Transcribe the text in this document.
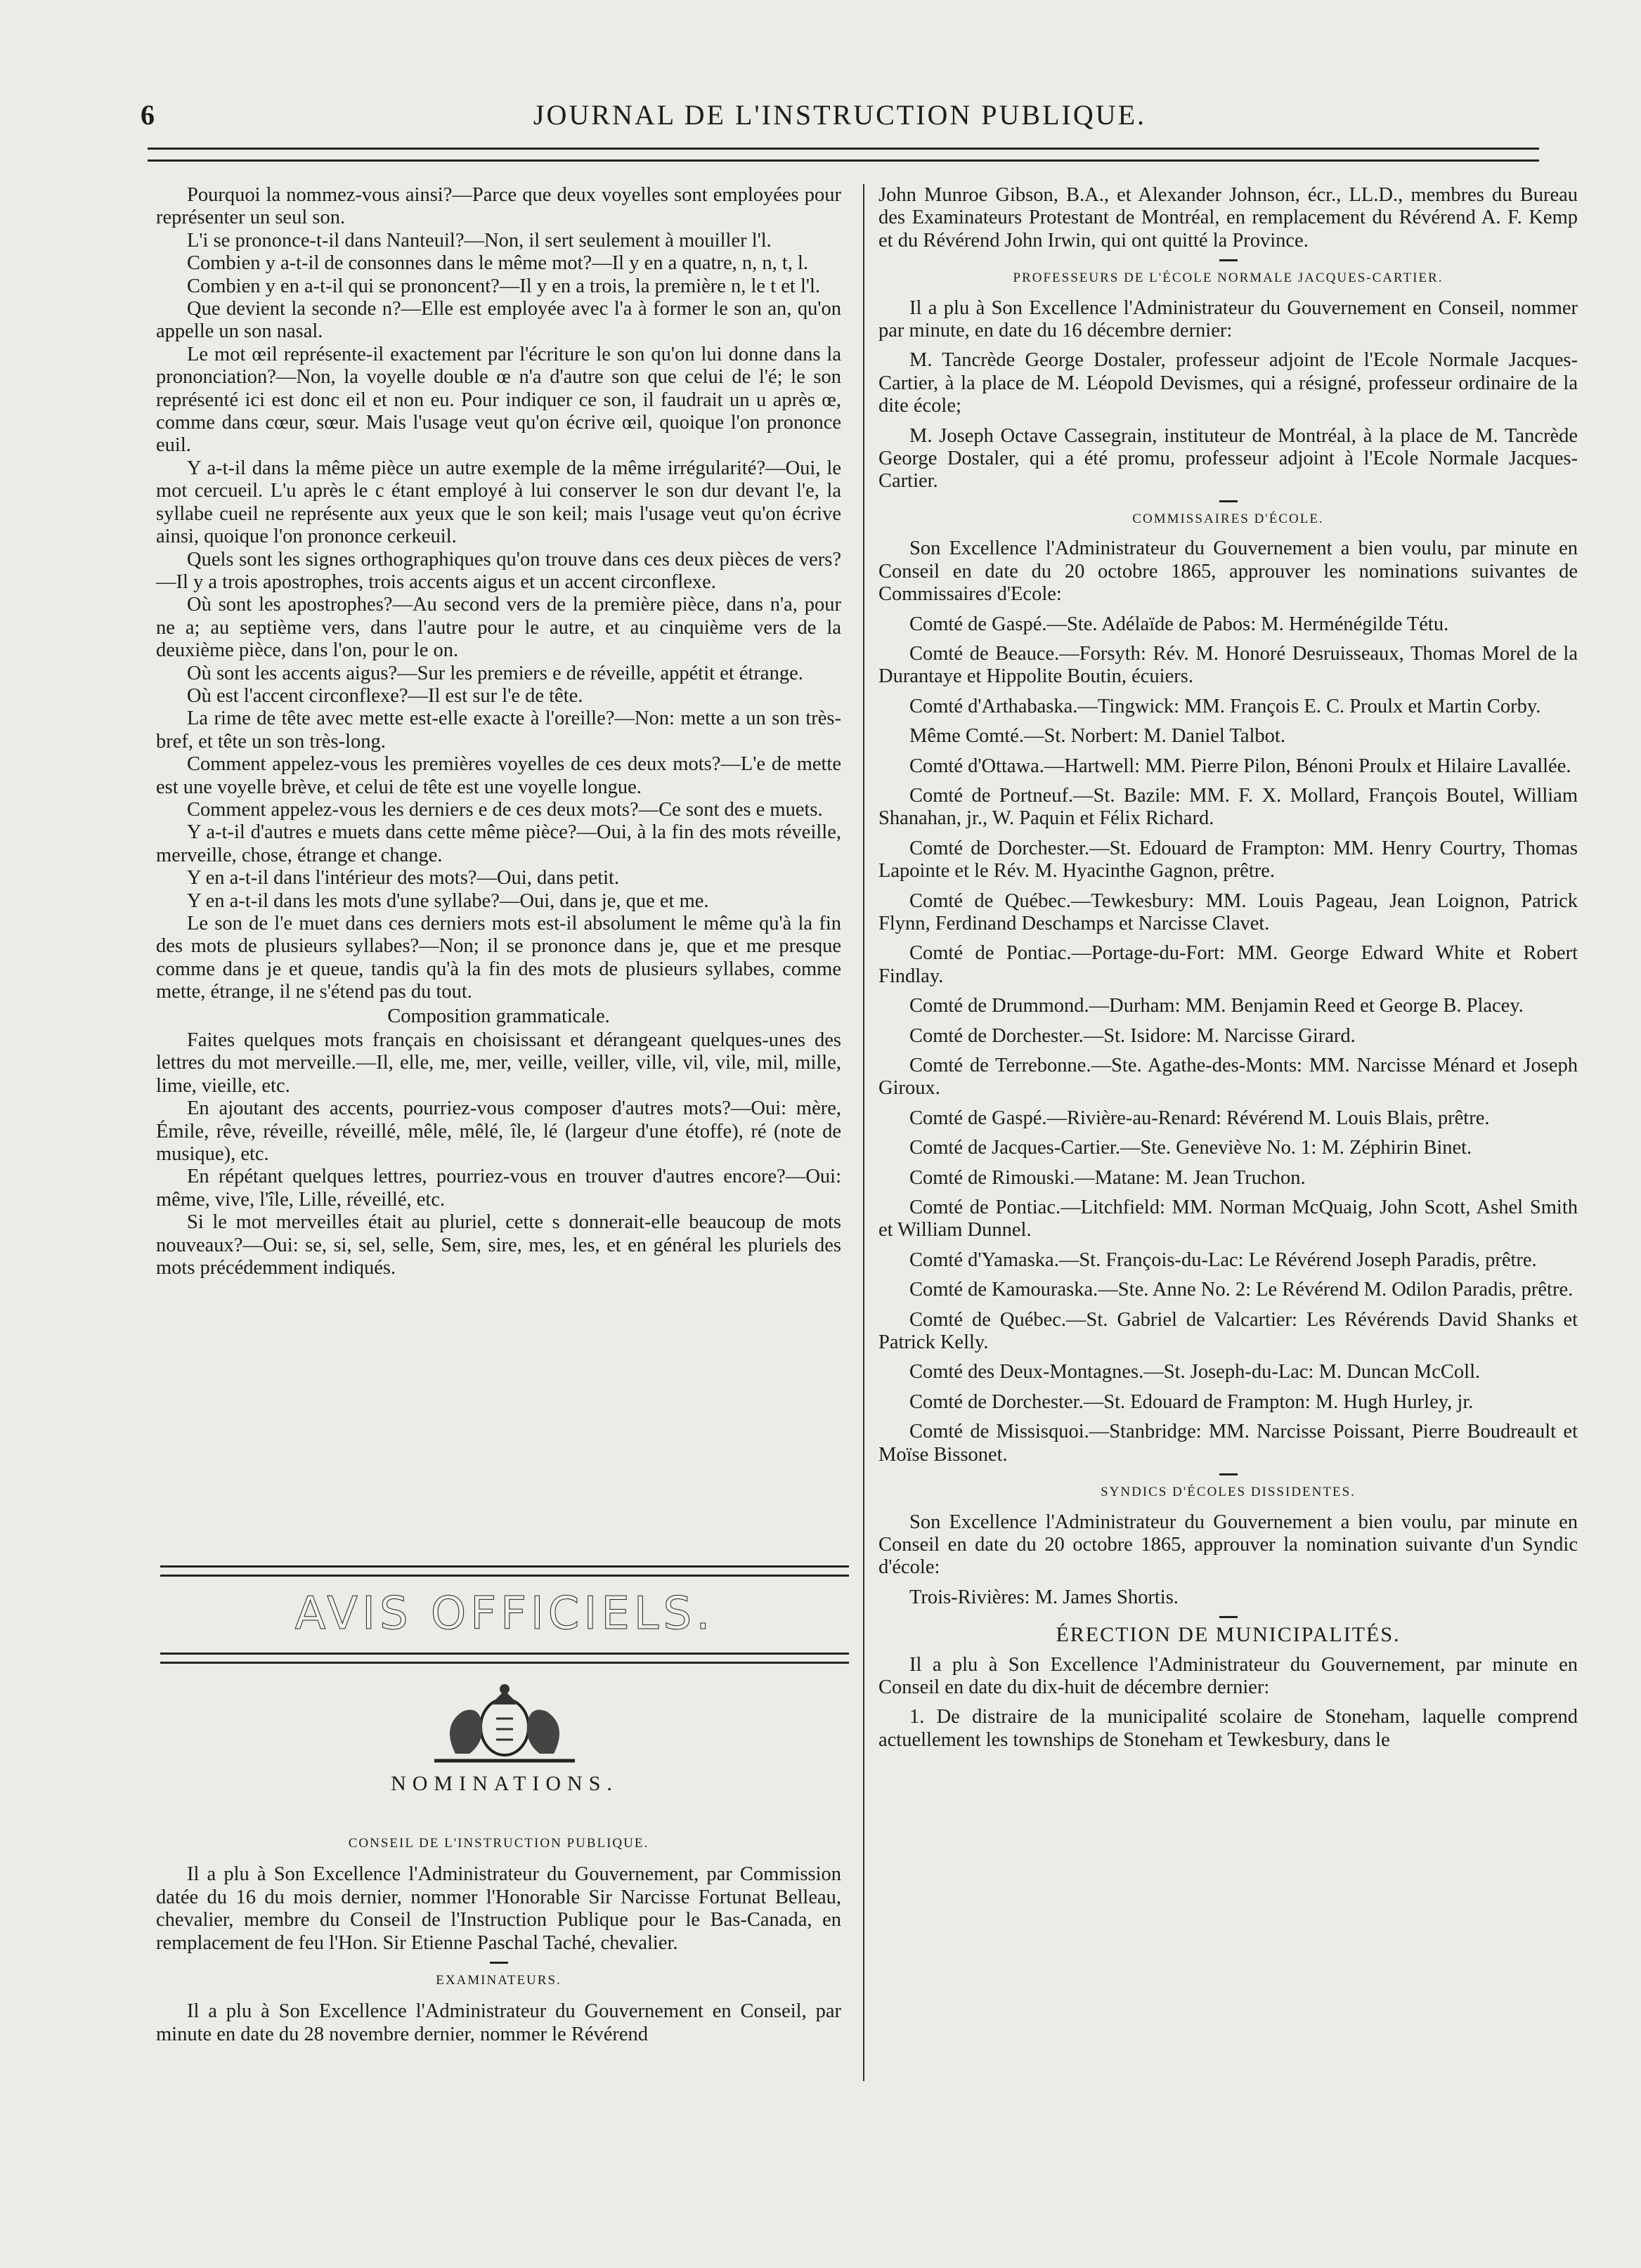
6	JOURNAL DE L'INSTRUCTION PUBLIQUE.

Pourquoi la nommez-vous ainsi?—Parce que deux voyelles sont employées pour représenter un seul son.

L'i se prononce-t-il dans Nanteuil?—Non, il sert seulement à mouiller l'l.

Combien y a-t-il de consonnes dans le même mot?—Il y en a quatre, n, n, t, l.

Combien y en a-t-il qui se prononcent?—Il y en a trois, la première n, le t et l'l.

Que devient la seconde n?—Elle est employée avec l'a à former le son an, qu'on appelle un son nasal.

Le mot œil représente-il exactement par l'écriture le son qu'on lui donne dans la prononciation?—Non, la voyelle double œ n'a d'autre son que celui de l'é; le son représenté ici est donc eil et non eu. Pour indiquer ce son, il faudrait un u après œ, comme dans cœur, sœur. Mais l'usage veut qu'on écrive œil, quoique l'on prononce euil.

Y a-t-il dans la même pièce un autre exemple de la même irrégularité?—Oui, le mot cercueil. L'u après le c étant employé à lui conserver le son dur devant l'e, la syllabe cueil ne représente aux yeux que le son keil; mais l'usage veut qu'on écrive ainsi, quoique l'on prononce cerkeuil.

Quels sont les signes orthographiques qu'on trouve dans ces deux pièces de vers?—Il y a trois apostrophes, trois accents aigus et un accent circonflexe.

Où sont les apostrophes?—Au second vers de la première pièce, dans n'a, pour ne a; au septième vers, dans l'autre pour le autre, et au cinquième vers de la deuxième pièce, dans l'on, pour le on.

Où sont les accents aigus?—Sur les premiers e de réveille, appétit et étrange.

Où est l'accent circonflexe?—Il est sur l'e de tête.

La rime de tête avec mette est-elle exacte à l'oreille?—Non: mette a un son très-bref, et tête un son très-long.

Comment appelez-vous les premières voyelles de ces deux mots?—L'e de mette est une voyelle brève, et celui de tête est une voyelle longue.

Comment appelez-vous les derniers e de ces deux mots?—Ce sont des e muets.

Y a-t-il d'autres e muets dans cette même pièce?—Oui, à la fin des mots réveille, merveille, chose, étrange et change.

Y en a-t-il dans l'intérieur des mots?—Oui, dans petit.

Y en a-t-il dans les mots d'une syllabe?—Oui, dans je, que et me.

Le son de l'e muet dans ces derniers mots est-il absolument le même qu'à la fin des mots de plusieurs syllabes?—Non; il se prononce dans je, que et me presque comme dans je et queue, tandis qu'à la fin des mots de plusieurs syllabes, comme mette, étrange, il ne s'étend pas du tout.

Composition grammaticale.

Faites quelques mots français en choisissant et dérangeant quelques-unes des lettres du mot merveille.—Il, elle, me, mer, veille, veiller, ville, vil, vile, mil, mille, lime, vieille, etc.

En ajoutant des accents, pourriez-vous composer d'autres mots?—Oui: mère, Émile, rêve, réveille, réveillé, mêle, mêlé, île, lé (largeur d'une étoffe), ré (note de musique), etc.

En répétant quelques lettres, pourriez-vous en trouver d'autres encore?—Oui: même, vive, l'île, Lille, réveillé, etc.

Si le mot merveilles était au pluriel, cette s donnerait-elle beaucoup de mots nouveaux?—Oui: se, si, sel, selle, Sem, sire, mes, les, et en général les pluriels des mots précédemment indiqués.

AVIS OFFICIELS.
NOMINATIONS.

CONSEIL DE L'INSTRUCTION PUBLIQUE.

Il a plu à Son Excellence l'Administrateur du Gouvernement, par Commission datée du 16 du mois dernier, nommer l'Honorable Sir Narcisse Fortunat Belleau, chevalier, membre du Conseil de l'Instruction Publique pour le Bas-Canada, en remplacement de feu l'Hon. Sir Etienne Paschal Taché, chevalier.

EXAMINATEURS.

Il a plu à Son Excellence l'Administrateur du Gouvernement en Conseil, par minute en date du 28 novembre dernier, nommer le Révérend

John Munroe Gibson, B.A., et Alexander Johnson, écr., LL.D., membres du Bureau des Examinateurs Protestant de Montréal, en remplacement du Révérend A. F. Kemp et du Révérend John Irwin, qui ont quitté la Province.

PROFESSEURS DE L'ÉCOLE NORMALE JACQUES-CARTIER.

Il a plu à Son Excellence l'Administrateur du Gouvernement en Conseil, nommer par minute, en date du 16 décembre dernier:

M. Tancrède George Dostaler, professeur adjoint de l'Ecole Normale Jacques-Cartier, à la place de M. Léopold Devismes, qui a résigné, professeur ordinaire de la dite école;

M. Joseph Octave Cassegrain, instituteur de Montréal, à la place de M. Tancrède George Dostaler, qui a été promu, professeur adjoint à l'Ecole Normale Jacques-Cartier.

COMMISSAIRES D'ÉCOLE.

Son Excellence l'Administrateur du Gouvernement a bien voulu, par minute en Conseil en date du 20 octobre 1865, approuver les nominations suivantes de Commissaires d'Ecole:

Comté de Gaspé.—Ste. Adélaïde de Pabos: M. Herménégilde Tétu.

Comté de Beauce.—Forsyth: Rév. M. Honoré Desruisseaux, Thomas Morel de la Durantaye et Hippolite Boutin, écuiers.

Comté d'Arthabaska.—Tingwick: MM. François E. C. Proulx et Martin Corby.

Même Comté.—St. Norbert: M. Daniel Talbot.

Comté d'Ottawa.—Hartwell: MM. Pierre Pilon, Bénoni Proulx et Hilaire Lavallée.

Comté de Portneuf.—St. Bazile: MM. F. X. Mollard, François Boutel, William Shanahan, jr., W. Paquin et Félix Richard.

Comté de Dorchester.—St. Edouard de Frampton: MM. Henry Courtry, Thomas Lapointe et le Rév. M. Hyacinthe Gagnon, prêtre.

Comté de Québec.—Tewkesbury: MM. Louis Pageau, Jean Loignon, Patrick Flynn, Ferdinand Deschamps et Narcisse Clavet.

Comté de Pontiac.—Portage-du-Fort: MM. George Edward White et Robert Findlay.

Comté de Drummond.—Durham: MM. Benjamin Reed et George B. Placey.

Comté de Dorchester.—St. Isidore: M. Narcisse Girard.

Comté de Terrebonne.—Ste. Agathe-des-Monts: MM. Narcisse Ménard et Joseph Giroux.

Comté de Gaspé.—Rivière-au-Renard: Révérend M. Louis Blais, prêtre.

Comté de Jacques-Cartier.—Ste. Geneviève No. 1: M. Zéphirin Binet.

Comté de Rimouski.—Matane: M. Jean Truchon.

Comté de Pontiac.—Litchfield: MM. Norman McQuaig, John Scott, Ashel Smith et William Dunnel.

Comté d'Yamaska.—St. François-du-Lac: Le Révérend Joseph Paradis, prêtre.

Comté de Kamouraska.—Ste. Anne No. 2: Le Révérend M. Odilon Paradis, prêtre.

Comté de Québec.—St. Gabriel de Valcartier: Les Révérends David Shanks et Patrick Kelly.

Comté des Deux-Montagnes.—St. Joseph-du-Lac: M. Duncan McColl.

Comté de Dorchester.—St. Edouard de Frampton: M. Hugh Hurley, jr.

Comté de Missisquoi.—Stanbridge: MM. Narcisse Poissant, Pierre Boudreault et Moïse Bissonet.

SYNDICS D'ÉCOLES DISSIDENTES.

Son Excellence l'Administrateur du Gouvernement a bien voulu, par minute en Conseil en date du 20 octobre 1865, approuver la nomination suivante d'un Syndic d'école:

Trois-Rivières: M. James Shortis.

ÉRECTION DE MUNICIPALITÉS.

Il a plu à Son Excellence l'Administrateur du Gouvernement, par minute en Conseil en date du dix-huit de décembre dernier:

1. De distraire de la municipalité scolaire de Stoneham, laquelle comprend actuellement les townships de Stoneham et Tewkesbury, dans le
